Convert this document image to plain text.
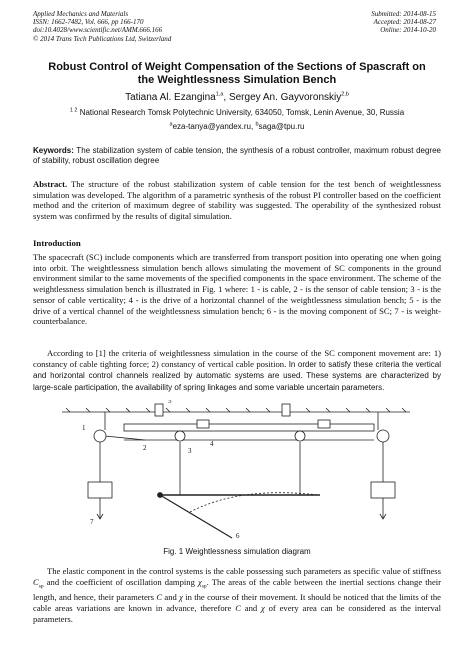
Applied Mechanics and Materials
ISSN: 1662-7482, Vol. 666, pp 166-170
doi:10.4028/www.scientific.net/AMM.666.166
© 2014 Trans Tech Publications Ltd, Switzerland
Submitted: 2014-08-15
Accepted: 2014-08-27
Online: 2014-10-20
Robust Control of Weight Compensation of the Sections of Spascraft on
the Weightlessness Simulation Bench
Tatiana Al. Ezangina$^{1,a}$, Sergey An. Gayvoronskiy$^{2,b}$
$^{1 2}$ National Research Tomsk Polytechnic University, 634050, Tomsk, Lenin Avenue, 30, Russia
$^a$eza-tanya@yandex.ru, $^b$saga@tpu.ru
Keywords: The stabilization system of cable tension, the synthesis of a robust controller, maximum robust degree of stability, robust oscillation degree
Abstract. The structure of the robust stabilization system of cable tension for the test bench of weightlessness simulation was developed. The algorithm of a parametric synthesis of the robust PI controller based on the coefficient method and the criterion of maximum degree of stability was suggested. The operability of the synthesized robust system was confirmed by the results of digital simulation.
Introduction
The spacecraft (SC) include components which are transferred from transport position into operating one when going into orbit. The weightlessness simulation bench allows simulating the movement of SC components in the ground environment similar to the same movements of the specified components in the space environment. The scheme of the weightlessness simulation bench is illustrated in Fig. 1 where: 1 - is cable, 2 - is the sensor of cable tension; 3 - is the sensor of cable verticality; 4 - is the drive of a horizontal channel of the weightlessness simulation bench; 5 - is the drive of a vertical channel of the weightlessness simulation bench; 6 - is the moving component of SC; 7 - is weight- counterbalance.
According to [1] the criteria of weightlessness simulation in the course of the SC component movement are: 1) constancy of cable tighting force; 2) constancy of vertical cable position. In order to satisfy these criteria the vertical and horizontal control channels realized by automatic systems are used. These systems are characterized by large-scale participation, the availability of spring linkages and some variable uncertain parameters.
1
2	3
4
5
6
7
Fig. 1 Weightlessness simulation diagram
The elastic component in the control systems is the cable possessing such parameters as specific value of stiffness $C_{sp}$ and the coefficient of oscillation damping $\chi_{sp}$. The areas of the cable between the inertial sections change their length, and hence, their parameters C and χ in the course of their movement. It should be noticed that the limits of the cable areas variations are known in advance, therefore C and χ of every area can be considered as the interval parameters.
